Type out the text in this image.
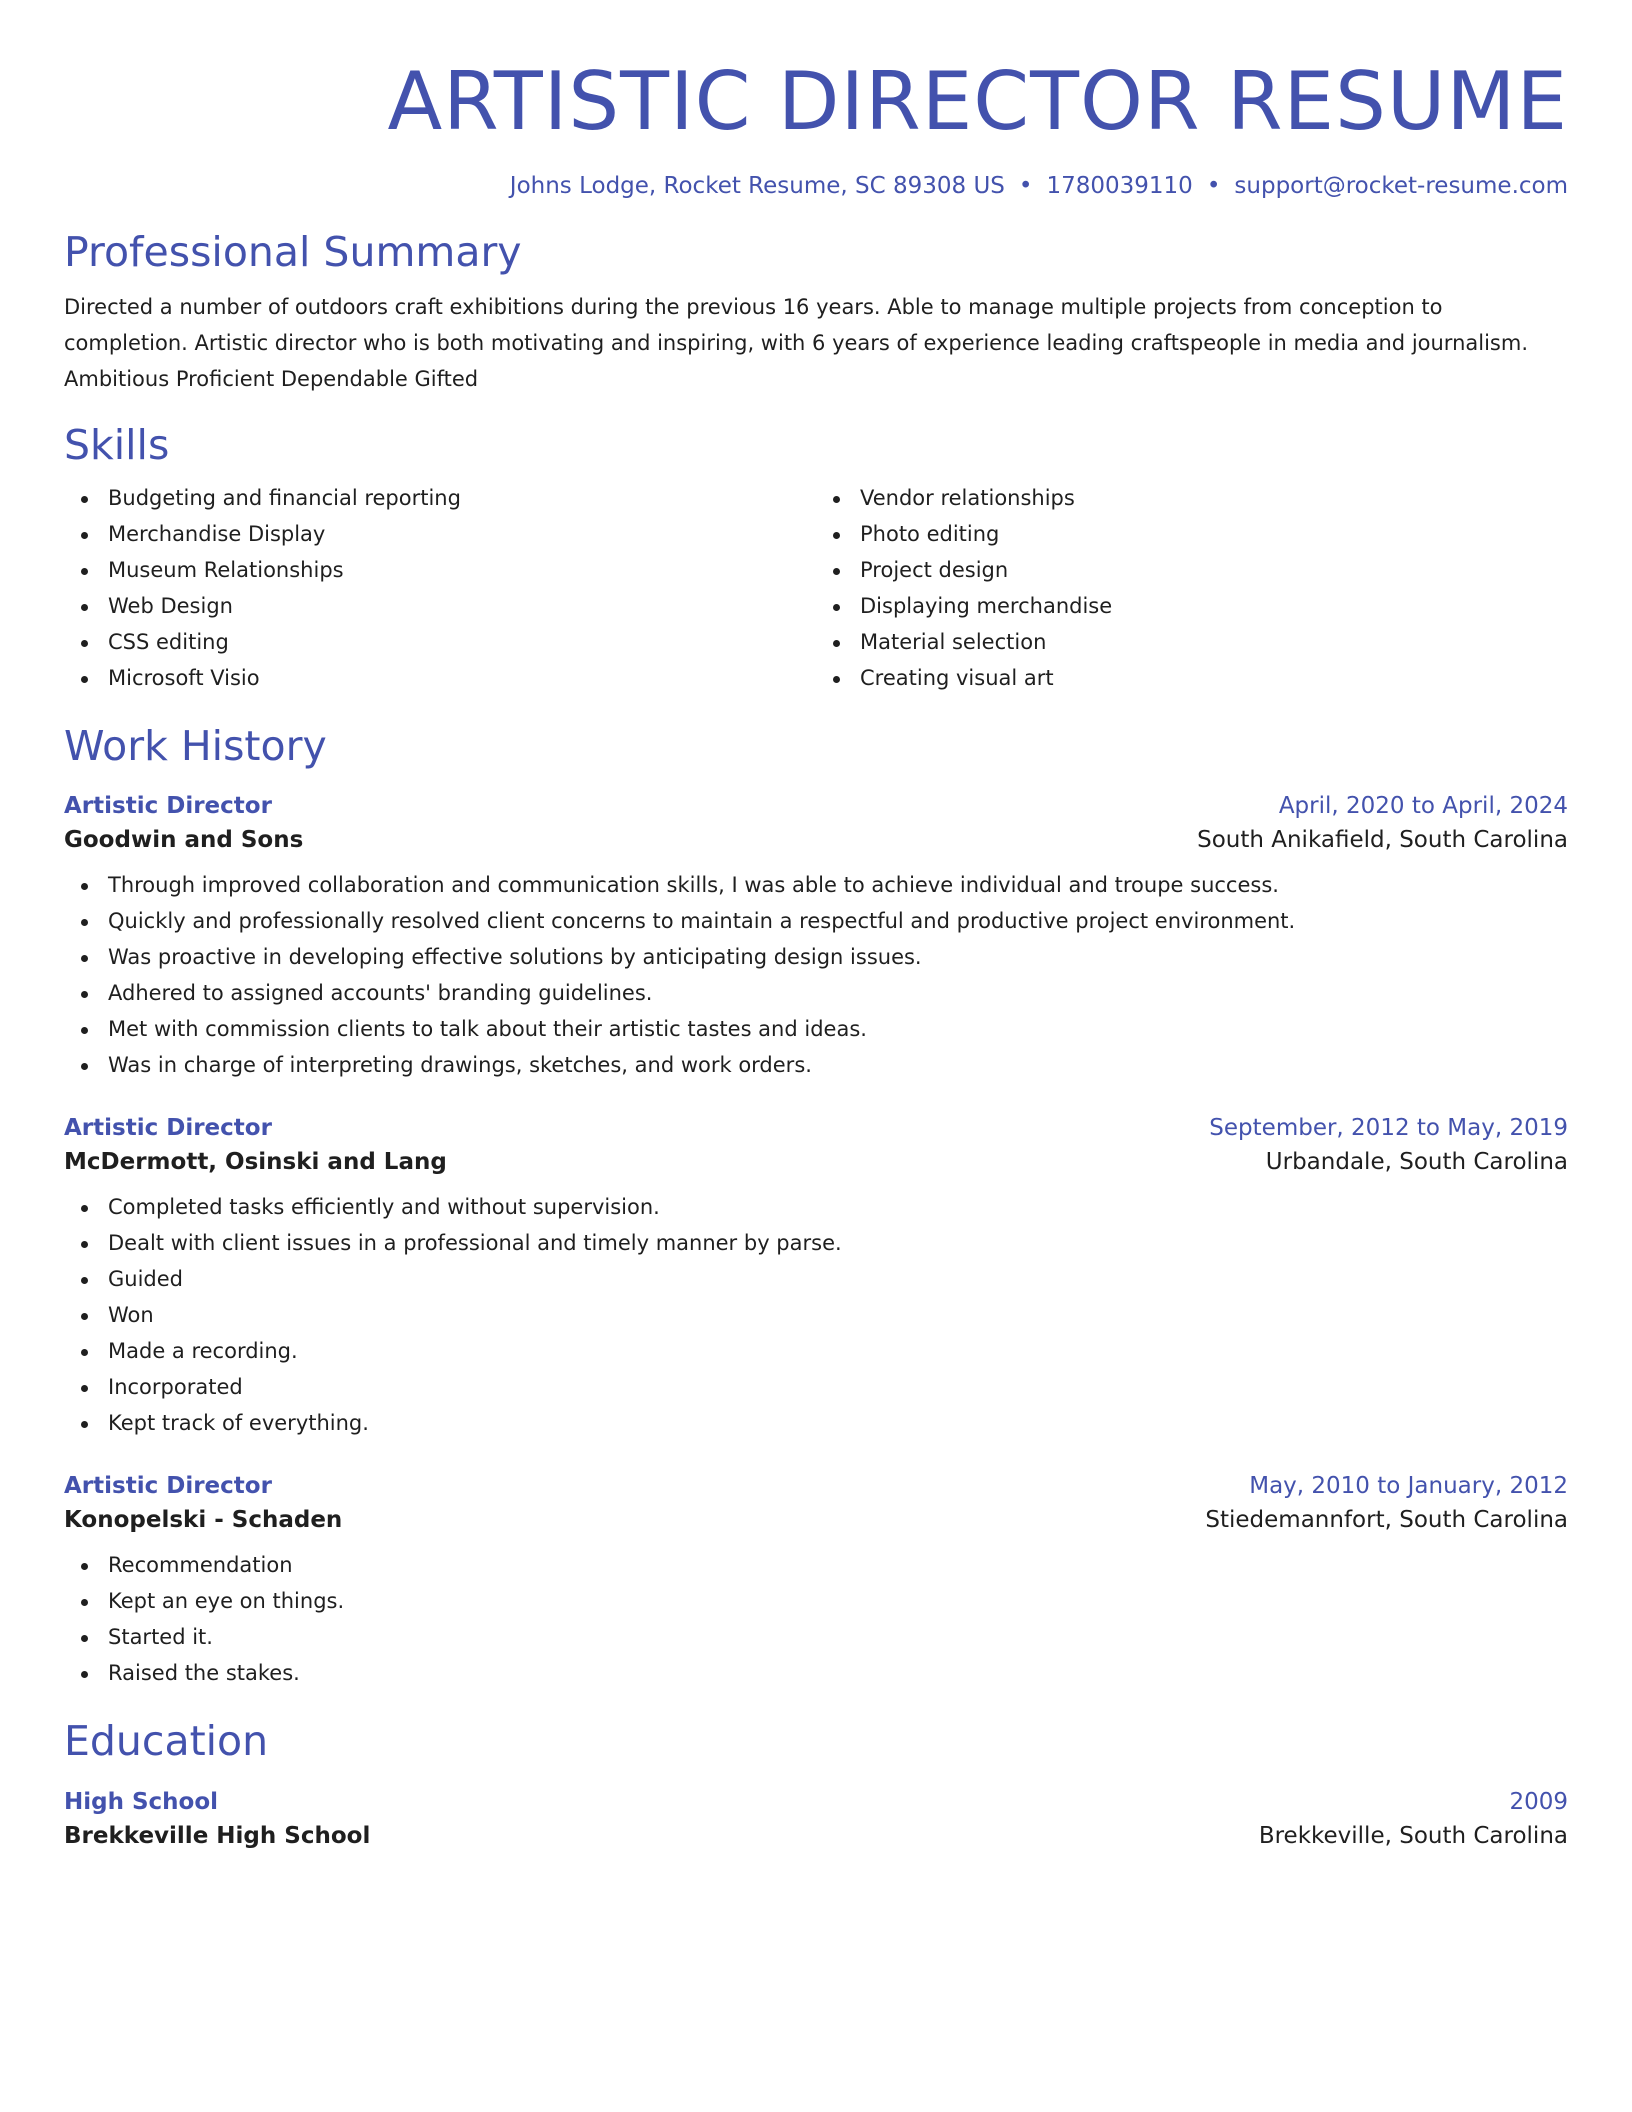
ARTISTIC DIRECTOR RESUME
Johns Lodge, Rocket Resume, SC 89308 US • 1780039110 • support@rocket-resume.com
Professional Summary

Directed a number of outdoors craft exhibitions during the previous 16 years. Able to manage multiple projects from conception to completion. Artistic director who is both motivating and inspiring, with 6 years of experience leading craftspeople in media and journalism. Ambitious Proficient Dependable Gifted

Skills
Budgeting and financial reporting
Merchandise Display
Museum Relationships
Web Design
CSS editing
Microsoft Visio
Vendor relationships
Photo editing
Project design
Displaying merchandise
Material selection
Creating visual art
Work History
Artistic Director	April, 2020 to April, 2024
Goodwin and Sons	South Anikafield, South Carolina
Through improved collaboration and communication skills, I was able to achieve individual and troupe success.
Quickly and professionally resolved client concerns to maintain a respectful and productive project environment.
Was proactive in developing effective solutions by anticipating design issues.
Adhered to assigned accounts' branding guidelines.
Met with commission clients to talk about their artistic tastes and ideas.
Was in charge of interpreting drawings, sketches, and work orders.
Artistic Director	September, 2012 to May, 2019
McDermott, Osinski and Lang	Urbandale, South Carolina
Completed tasks efficiently and without supervision.
Dealt with client issues in a professional and timely manner by parse.
Guided
Won
Made a recording.
Incorporated
Kept track of everything.
Artistic Director	May, 2010 to January, 2012
Konopelski - Schaden	Stiedemannfort, South Carolina
Recommendation
Kept an eye on things.
Started it.
Raised the stakes.
Education
High School	2009
Brekkeville High School	Brekkeville, South Carolina
